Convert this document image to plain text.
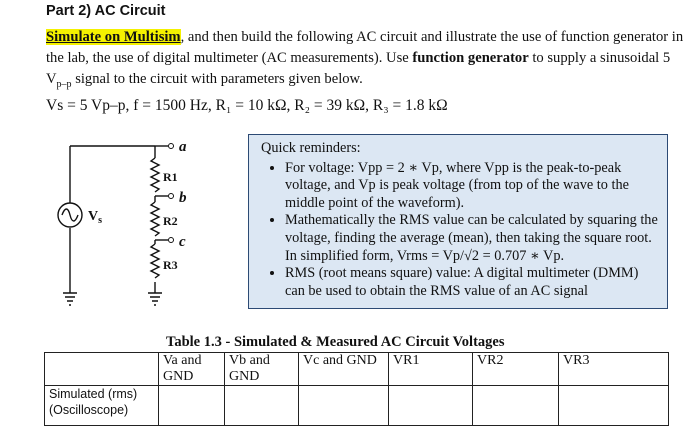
Part 2) AC Circuit
Simulate on Multisim, and then build the following AC circuit and illustrate the use of function generator in the lab, the use of digital multimeter (AC measurements). Use function generator to supply a sinusoidal 5 $V_{p-p}$ signal to the circuit with parameters given below.
Vs = 5 Vp–p, f = 1500 Hz, R₁ = 10 kΩ, R₂ = 39 kΩ, R₃ = 1.8 kΩ
a
b
c
R1
R2
R3
$V_s$
Quick reminders:
• For voltage: Vpp = 2 ∗ Vp, where Vpp is the peak-to-peak voltage, and Vp is peak voltage (from top of the wave to the middle point of the waveform).
• Mathematically the RMS value can be calculated by squaring the voltage, finding the average (mean), then taking the square root. In simplified form, Vrms = Vp/√2 = 0.707 ∗ Vp.
• RMS (root means square) value: A digital multimeter (DMM) can be used to obtain the RMS value of an AC signal
Table 1.3 - Simulated & Measured AC Circuit Voltages
	Va and GND	Vb and GND	Vc and GND	VR1	VR2	VR3
Simulated (rms) (Oscilloscope)						
